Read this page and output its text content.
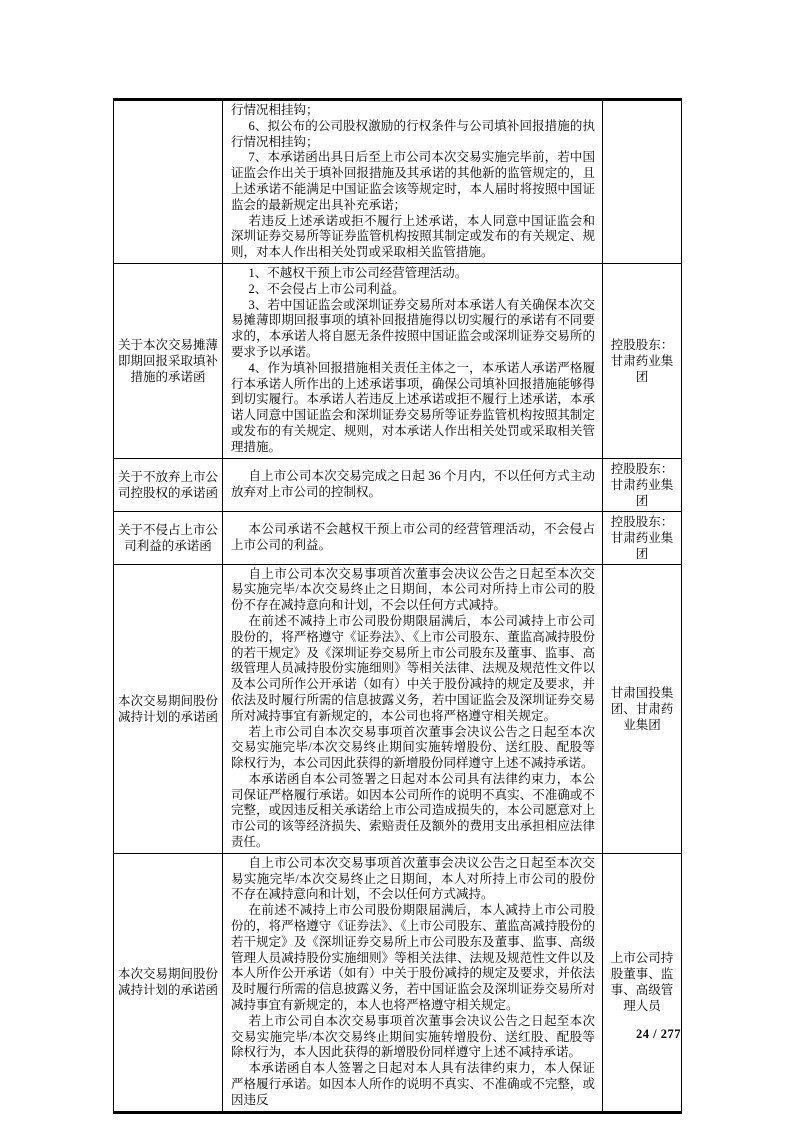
	行情况相挂钩；

6、拟公布的公司股权激励的行权条件与公司填补回报措施的执行情况相挂钩；

7、本承诺函出具日后至上市公司本次交易实施完毕前，若中国证监会作出关于填补回报措施及其承诺的其他新的监管规定的，且上述承诺不能满足中国证监会该等规定时，本人届时将按照中国证监会的最新规定出具补充承诺；

若违反上述承诺或拒不履行上述承诺，本人同意中国证监会和深圳证券交易所等证券监管机构按照其制定或发布的有关规定、规则，对本人作出相关处罚或采取相关监管措施。	

关于本次交易摊薄即期回报采取填补措施的承诺函	1、不越权干预上市公司经营管理活动。

2、不会侵占上市公司利益。

3、若中国证监会或深圳证券交易所对本承诺人有关确保本次交易摊薄即期回报事项的填补回报措施得以切实履行的承诺有不同要求的，本承诺人将自愿无条件按照中国证监会或深圳证券交易所的要求予以承诺。

4、作为填补回报措施相关责任主体之一，本承诺人承诺严格履行本承诺人所作出的上述承诺事项，确保公司填补回报措施能够得到切实履行。本承诺人若违反上述承诺或拒不履行上述承诺，本承诺人同意中国证监会和深圳证券交易所等证券监管机构按照其制定或发布的有关规定、规则，对本承诺人作出相关处罚或采取相关管理措施。	控股股东：甘肃药业集团
关于不放弃上市公司控股权的承诺函	自上市公司本次交易完成之日起 36 个月内，不以任何方式主动放弃对上市公司的控制权。	控股股东：甘肃药业集团
关于不侵占上市公司利益的承诺函	本公司承诺不会越权干预上市公司的经营管理活动，不会侵占上市公司的利益。	控股股东：甘肃药业集团
本次交易期间股份减持计划的承诺函	自上市公司本次交易事项首次董事会决议公告之日起至本次交易实施完毕/本次交易终止之日期间，本公司对所持上市公司的股份不存在减持意向和计划，不会以任何方式减持。

在前述不减持上市公司股份期限届满后，本公司减持上市公司股份的，将严格遵守《证券法》、《上市公司股东、董监高减持股份的若干规定》及《深圳证券交易所上市公司股东及董事、监事、高级管理人员减持股份实施细则》等相关法律、法规及规范性文件以及本公司所作公开承诺（如有）中关于股份减持的规定及要求，并依法及时履行所需的信息披露义务，若中国证监会及深圳证券交易所对减持事宜有新规定的，本公司也将严格遵守相关规定。

若上市公司自本次交易事项首次董事会决议公告之日起至本次交易实施完毕/本次交易终止期间实施转增股份、送红股、配股等除权行为，本公司因此获得的新增股份同样遵守上述不减持承诺。

本承诺函自本公司签署之日起对本公司具有法律约束力，本公司保证严格履行承诺。如因本公司所作的说明不真实、不准确或不完整，或因违反相关承诺给上市公司造成损失的，本公司愿意对上市公司的该等经济损失、索赔责任及额外的费用支出承担相应法律责任。	甘肃国投集团、甘肃药业集团
本次交易期间股份减持计划的承诺函	自上市公司本次交易事项首次董事会决议公告之日起至本次交易实施完毕/本次交易终止之日期间，本人对所持上市公司的股份不存在减持意向和计划，不会以任何方式减持。

在前述不减持上市公司股份期限届满后，本人减持上市公司股份的，将严格遵守《证券法》、《上市公司股东、董监高减持股份的若干规定》及《深圳证券交易所上市公司股东及董事、监事、高级管理人员减持股份实施细则》等相关法律、法规及规范性文件以及本人所作公开承诺（如有）中关于股份减持的规定及要求，并依法及时履行所需的信息披露义务，若中国证监会及深圳证券交易所对减持事宜有新规定的，本人也将严格遵守相关规定。

若上市公司自本次交易事项首次董事会决议公告之日起至本次交易实施完毕/本次交易终止期间实施转增股份、送红股、配股等除权行为，本人因此获得的新增股份同样遵守上述不减持承诺。

本承诺函自本人签署之日起对本人具有法律约束力，本人保证严格履行承诺。如因本人所作的说明不真实、不准确或不完整，或因违反	上市公司持股董事、监事、高级管理人员
24 / 277
